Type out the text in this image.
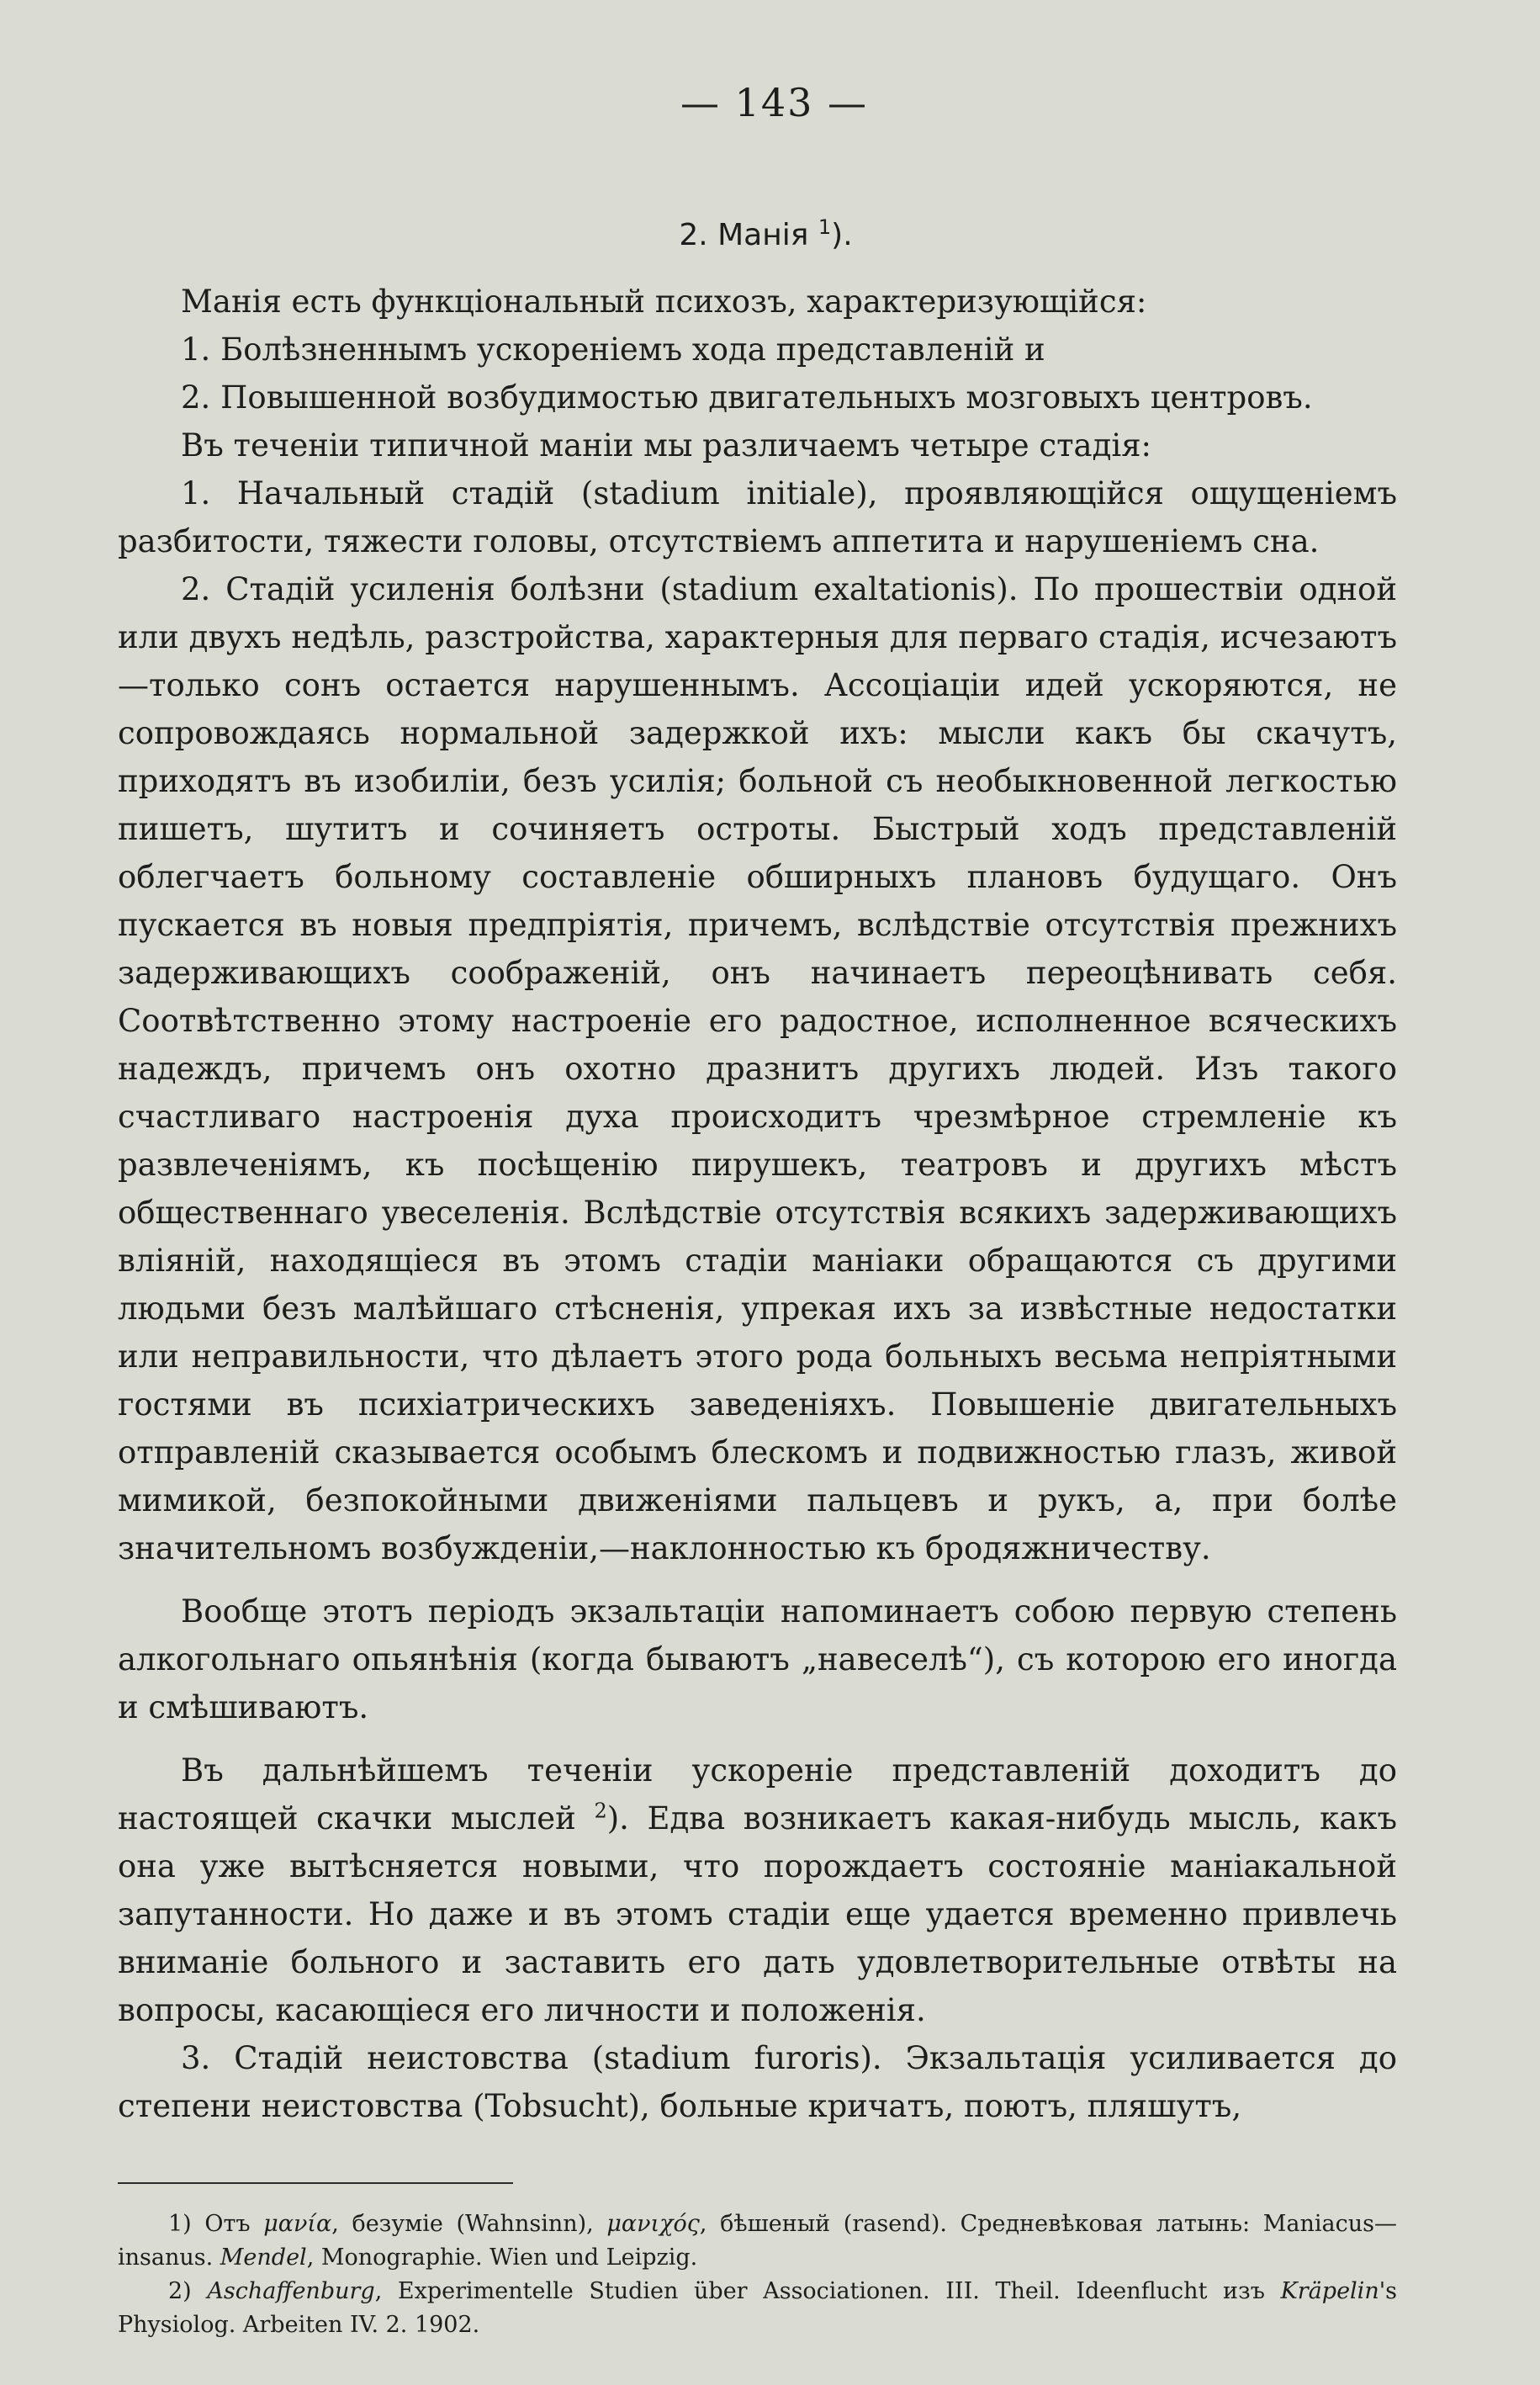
— 143 —
2. Манія $^1$).

Манія есть функціональный психозъ, характеризующійся:

1. Болѣзненнымъ ускореніемъ хода представленій и

2. Повышенной возбудимостью двигательныхъ мозговыхъ центровъ.

Въ теченіи типичной маніи мы различаемъ четыре стадія:

1. Начальный стадій (stadium initiale), проявляющійся ощущеніемъ разбитости, тяжести головы, отсутствіемъ аппетита и нарушеніемъ сна.

2. Стадій усиленія болѣзни (stadium exaltationis). По прошествіи одной или двухъ недѣль, разстройства, характерныя для перваго стадія, исчезаютъ—только сонъ остается нарушеннымъ. Ассоціаціи идей ускоряются, не сопровождаясь нормальной задержкой ихъ: мысли какъ бы скачутъ, приходятъ въ изобиліи, безъ усилія; больной съ необыкновенной легкостью пишетъ, шутитъ и сочиняетъ остроты. Быстрый ходъ представленій облегчаетъ больному составленіе обширныхъ плановъ будущаго. Онъ пускается въ новыя предпріятія, причемъ, вслѣдствіе отсутствія прежнихъ задерживающихъ соображеній, онъ начинаетъ переоцѣнивать себя. Соотвѣтственно этому настроеніе его радостное, исполненное всяческихъ надеждъ, причемъ онъ охотно дразнитъ другихъ людей. Изъ такого счастливаго настроенія духа происходитъ чрезмѣрное стремленіе къ развлеченіямъ, къ посѣщенію пирушекъ, театровъ и другихъ мѣстъ общественнаго увеселенія. Вслѣдствіе отсутствія всякихъ задерживающихъ вліяній, находящіеся въ этомъ стадіи маніаки обращаются съ другими людьми безъ малѣйшаго стѣсненія, упрекая ихъ за извѣстные недостатки или неправильности, что дѣлаетъ этого рода больныхъ весьма непріятными гостями въ психіатрическихъ заведеніяхъ. Повышеніе двигательныхъ отправленій сказывается особымъ блескомъ и подвижностью глазъ, живой мимикой, безпокойными движеніями пальцевъ и рукъ, а, при болѣе значительномъ возбужденіи,—наклонностью къ бродяжничеству.

Вообще этотъ періодъ экзальтаціи напоминаетъ собою первую степень алкогольнаго опьянѣнія (когда бываютъ „навеселѣ“), съ которою его иногда и смѣшиваютъ.

Въ дальнѣйшемъ теченіи ускореніе представленій доходитъ до настоящей скачки мыслей $^2$). Едва возникаетъ какая-нибудь мысль, какъ она уже вытѣсняется новыми, что порождаетъ состояніе маніакальной запутанности. Но даже и въ этомъ стадіи еще удается временно привлечь вниманіе больного и заставить его дать удовлетворительные отвѣты на вопросы, касающіеся его личности и положенія.

3. Стадій неистовства (stadium furoris). Экзальтація усиливается до степени неистовства (Tobsucht), больные кричатъ, поютъ, пляшутъ,

1) Отъ μανία, безуміе (Wahnsinn), μανιχός, бѣшеный (rasend). Средневѣковая латынь: Maniacus—insanus. Mendel, Monographie. Wien und Leipzig.

2) Aschaffenburg, Experimentelle Studien über Associationen. III. Theil. Ideenflucht изъ Kräpelin's Physiolog. Arbeiten IV. 2. 1902.
